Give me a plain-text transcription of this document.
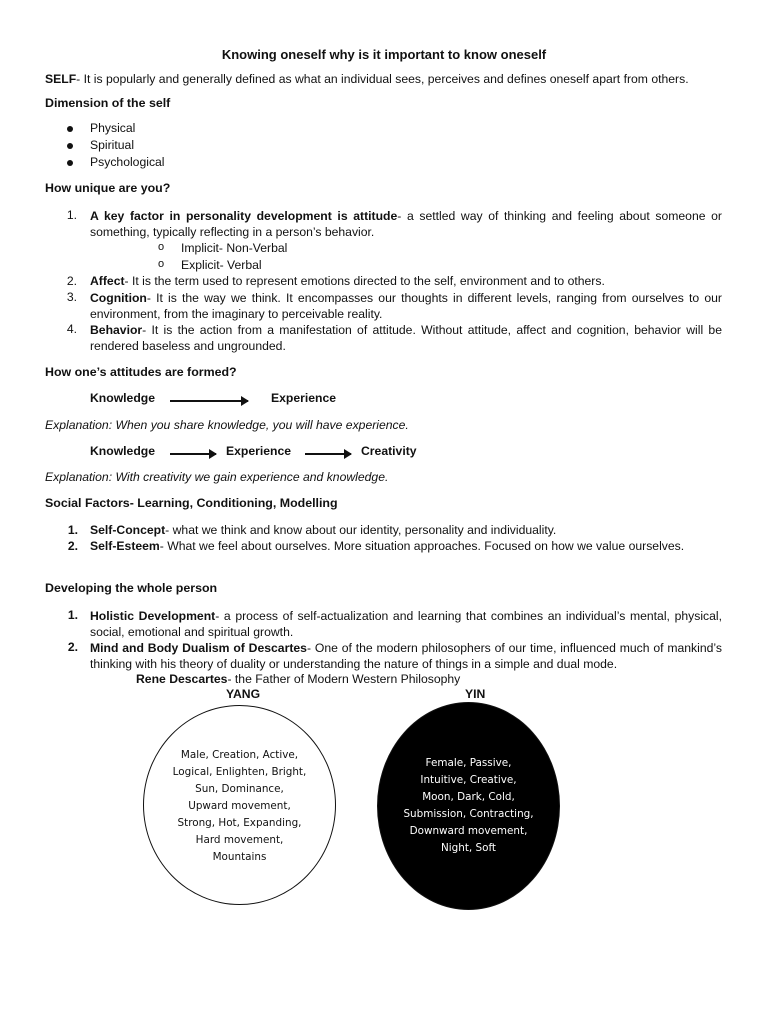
Knowing oneself why is it important to know oneself
SELF- It is popularly and generally defined as what an individual sees, perceives and defines oneself apart from others.
Dimension of the self
Physical
Spiritual
Psychological
How unique are you?
1. A key factor in personality development is attitude- a settled way of thinking and feeling about someone or something, typically reflecting in a person’s behavior.
o Implicit- Non-Verbal
o Explicit- Verbal
2. Affect- It is the term used to represent emotions directed to the self, environment and to others.
3. Cognition- It is the way we think. It encompasses our thoughts in different levels, ranging from ourselves to our environment, from the imaginary to perceivable reality.
4. Behavior- It is the action from a manifestation of attitude. Without attitude, affect and cognition, behavior will be rendered baseless and ungrounded.
How one’s attitudes are formed?
Knowledge	Experience
Explanation: When you share knowledge, you will have experience.
Knowledge	Experience	Creativity
Explanation: With creativity we gain experience and knowledge.
Social Factors- Learning, Conditioning, Modelling
1. Self-Concept- what we think and know about our identity, personality and individuality.
2. Self-Esteem- What we feel about ourselves. More situation approaches. Focused on how we value ourselves.
Developing the whole person
1. Holistic Development- a process of self-actualization and learning that combines an individual’s mental, physical, social, emotional and spiritual growth.
2. Mind and Body Dualism of Descartes- One of the modern philosophers of our time, influenced much of mankind’s thinking with his theory of duality or understanding the nature of things in a simple and dual mode.
Rene Descartes- the Father of Modern Western Philosophy
YANG	YIN
Male, Creation, Active,
Logical, Enlighten, Bright,
Sun, Dominance,
Upward movement,
Strong, Hot, Expanding,
Hard movement,
Mountains
Female, Passive,
Intuitive, Creative,
Moon, Dark, Cold,
Submission, Contracting,
Downward movement,
Night, Soft
